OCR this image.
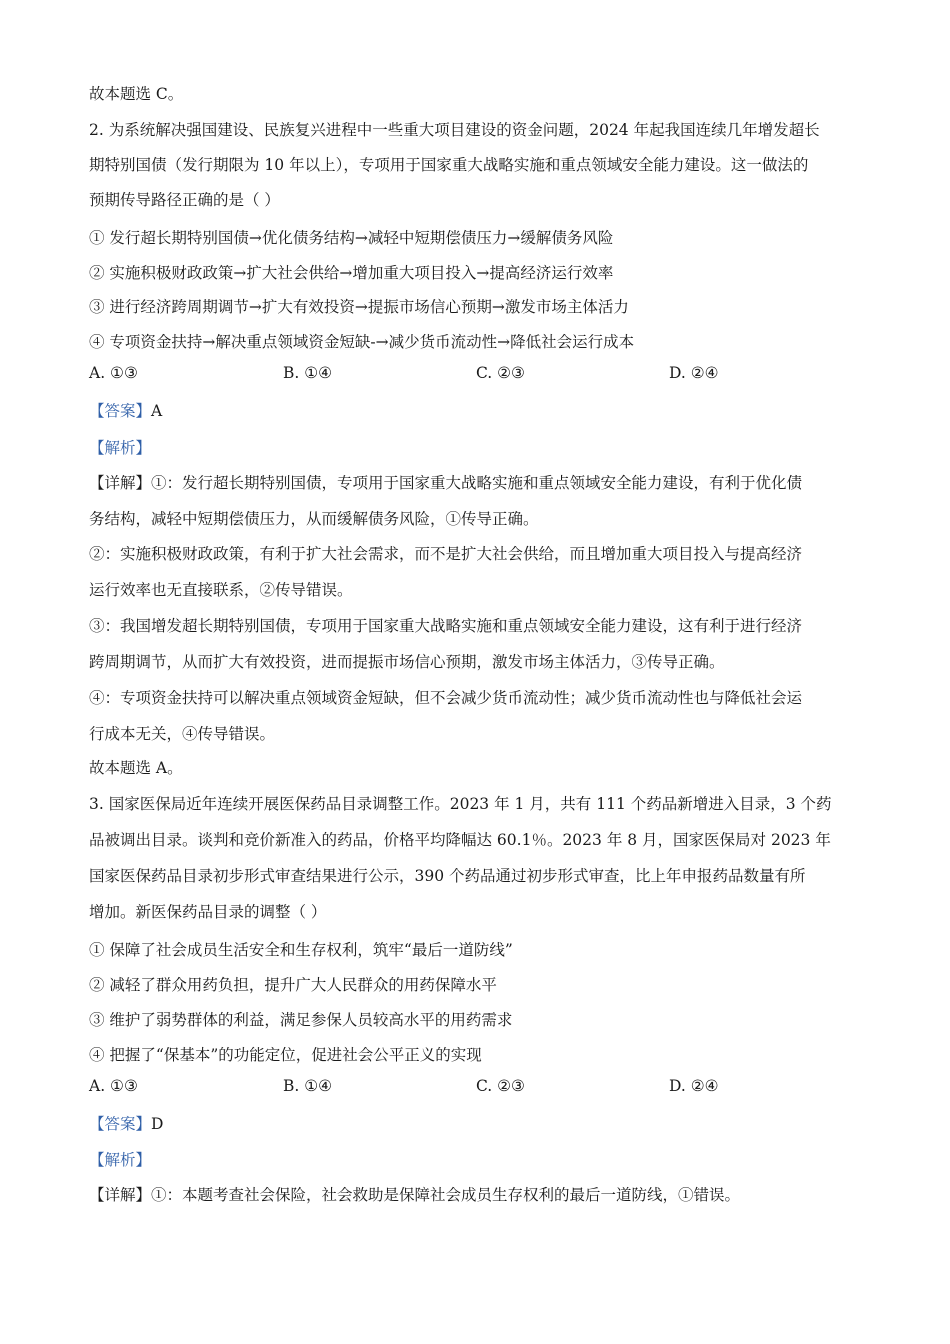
故本题选 C。
2. 为系统解决强国建设、民族复兴进程中一些重大项目建设的资金问题，2024 年起我国连续几年增发超长
期特别国债（发行期限为 10 年以上），专项用于国家重大战略实施和重点领域安全能力建设。这一做法的
预期传导路径正确的是（ ）
① 发行超长期特别国债→优化债务结构→减轻中短期偿债压力→缓解债务风险
② 实施积极财政政策→扩大社会供给→增加重大项目投入→提高经济运行效率
③ 进行经济跨周期调节→扩大有效投资→提振市场信心预期→激发市场主体活力
④ 专项资金扶持→解决重点领域资金短缺-→减少货币流动性→降低社会运行成本
A. ①③	B. ①④	C. ②③	D. ②④
【答案】A
【解析】
【详解】①：发行超长期特别国债，专项用于国家重大战略实施和重点领域安全能力建设，有利于优化债
务结构，减轻中短期偿债压力，从而缓解债务风险，①传导正确。
②：实施积极财政政策，有利于扩大社会需求，而不是扩大社会供给，而且增加重大项目投入与提高经济
运行效率也无直接联系，②传导错误。
③：我国增发超长期特别国债，专项用于国家重大战略实施和重点领域安全能力建设，这有利于进行经济
跨周期调节，从而扩大有效投资，进而提振市场信心预期，激发市场主体活力，③传导正确。
④：专项资金扶持可以解决重点领域资金短缺，但不会减少货币流动性；减少货币流动性也与降低社会运
行成本无关，④传导错误。
故本题选 A。
3. 国家医保局近年连续开展医保药品目录调整工作。2023 年 1 月，共有 111 个药品新增进入目录，3 个药
品被调出目录。谈判和竞价新准入的药品，价格平均降幅达 60.1％。2023 年 8 月，国家医保局对 2023 年
国家医保药品目录初步形式审查结果进行公示，390 个药品通过初步形式审查，比上年申报药品数量有所
增加。新医保药品目录的调整（ ）
① 保障了社会成员生活安全和生存权利，筑牢“最后一道防线”
② 减轻了群众用药负担，提升广大人民群众的用药保障水平
③ 维护了弱势群体的利益，满足参保人员较高水平的用药需求
④ 把握了“保基本”的功能定位，促进社会公平正义的实现
A. ①③	B. ①④	C. ②③	D. ②④
【答案】D
【解析】
【详解】①：本题考查社会保险，社会救助是保障社会成员生存权利的最后一道防线，①错误。
